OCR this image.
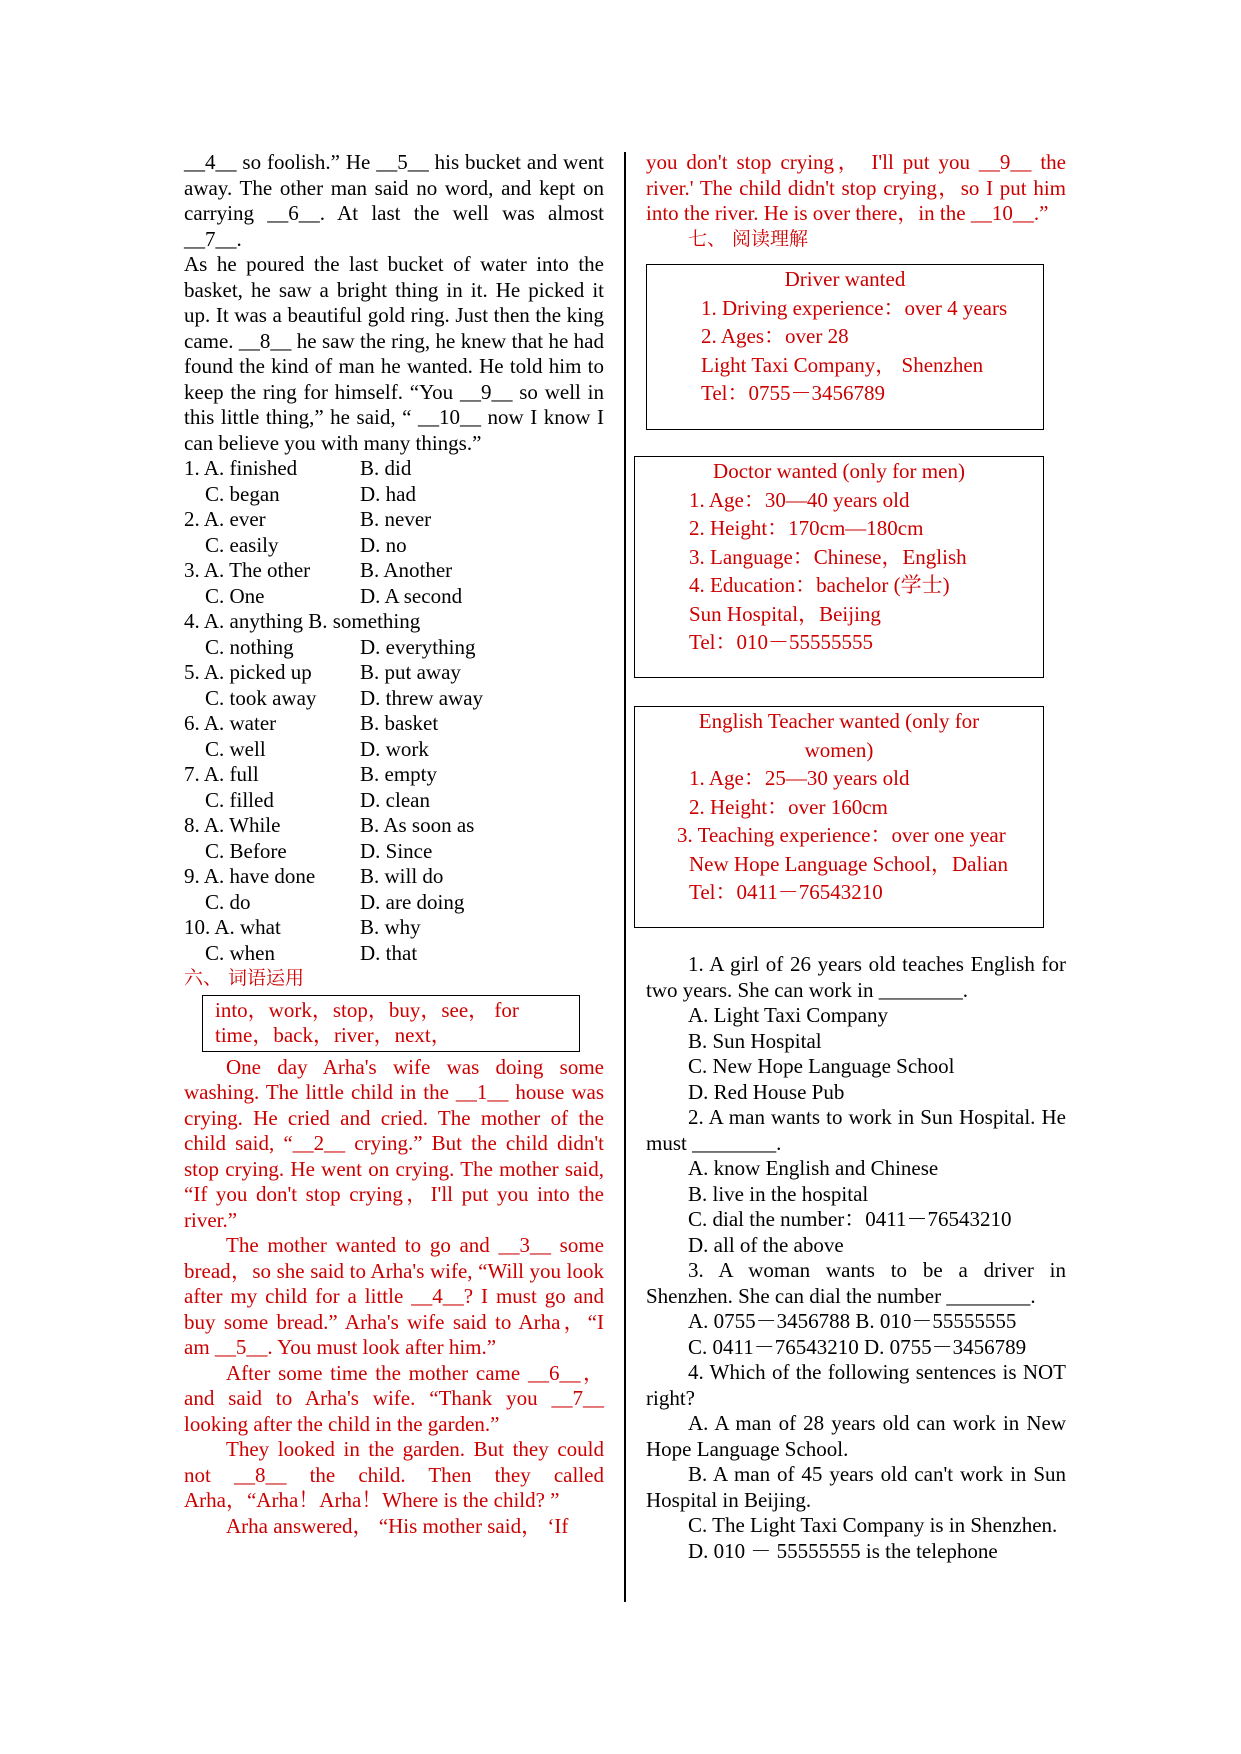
__4__ so foolish.” He __5__ his bucket and went away. The other man said no word, and kept on carrying __6__. At last the well was almost __7__.

As he poured the last bucket of water into the basket, he saw a bright thing in it. He picked it up. It was a beautiful gold ring. Just then the king came. __8__ he saw the ring, he knew that he had found the kind of man he wanted. He told him to keep the ring for himself. “You __9__ so well in this little thing,” he said, “ __10__ now I know I can believe you with many things.”

1. A. finished	B. did
C. began	D. had
2. A. ever	B. never
C. easily	D. no
3. A. The other	B. Another
C. One	D. A second
4. A. anything B. something
C. nothing	D. everything
5. A. picked up	B. put away
C. took away	D. threw away
6. A. water	B. basket
C. well	D. work
7. A. full	B. empty
C. filled	D. clean
8. A. While	B. As soon as
C. Before	D. Since
9. A. have done	B. will do
C. do	D. are doing
10. A. what	B. why
C. when	D. that

六、 词语运用

into，work，stop，buy，see， for

time，back，river，next，

One day Arha's wife was doing some washing. The little child in the __1__ house was crying. He cried and cried. The mother of the child said, “__2__ crying.” But the child didn't stop crying. He went on crying. The mother said, “If you don't stop crying，I'll put you into the river.”

The mother wanted to go and __3__ some bread，so she said to Arha's wife, “Will you look after my child for a little __4__? I must go and buy some bread.” Arha's wife said to Arha，“I am __5__. You must look after him.”

After some time the mother came __6__，and said to Arha's wife. “Thank you __7__ looking after the child in the garden.”

They looked in the garden. But they could not __8__ the child. Then they called Arha，“Arha！Arha！Where is the child? ”

Arha answered， “His mother said， ‘If

you don't stop crying， I'll put you __9__ the river.' The child didn't stop crying，so I put him into the river. He is over there，in the __10__.”

七、 阅读理解

Driver wanted
1. Driving experience：over 4 years
2. Ages：over 28
Light Taxi Company， Shenzhen
Tel：0755－3456789
Doctor wanted (only for men)
1. Age：30—40 years old
2. Height：170cm—180cm
3. Language：Chinese，English
4. Education：bachelor (学士)
Sun Hospital，Beijing
Tel：010－55555555
English Teacher wanted (only for
women)
1. Age：25—30 years old
2. Height：over 160cm
3. Teaching experience：over one year
New Hope Language School，Dalian
Tel：0411－76543210

1. A girl of 26 years old teaches English for two years. She can work in ________.

A. Light Taxi Company
B. Sun Hospital
C. New Hope Language School
D. Red House Pub

2. A man wants to work in Sun Hospital. He must ________.

A. know English and Chinese
B. live in the hospital
C. dial the number：0411－76543210
D. all of the above

3. A woman wants to be a driver in Shenzhen. She can dial the number ________.

A. 0755－3456788 B. 010－55555555
C. 0411－76543210 D. 0755－3456789

4. Which of the following sentences is NOT right?

A. A man of 28 years old can work in New Hope Language School.

B. A man of 45 years old can't work in Sun Hospital in Beijing.

C. The Light Taxi Company is in Shenzhen.

D. 010 － 55555555 is the telephone
